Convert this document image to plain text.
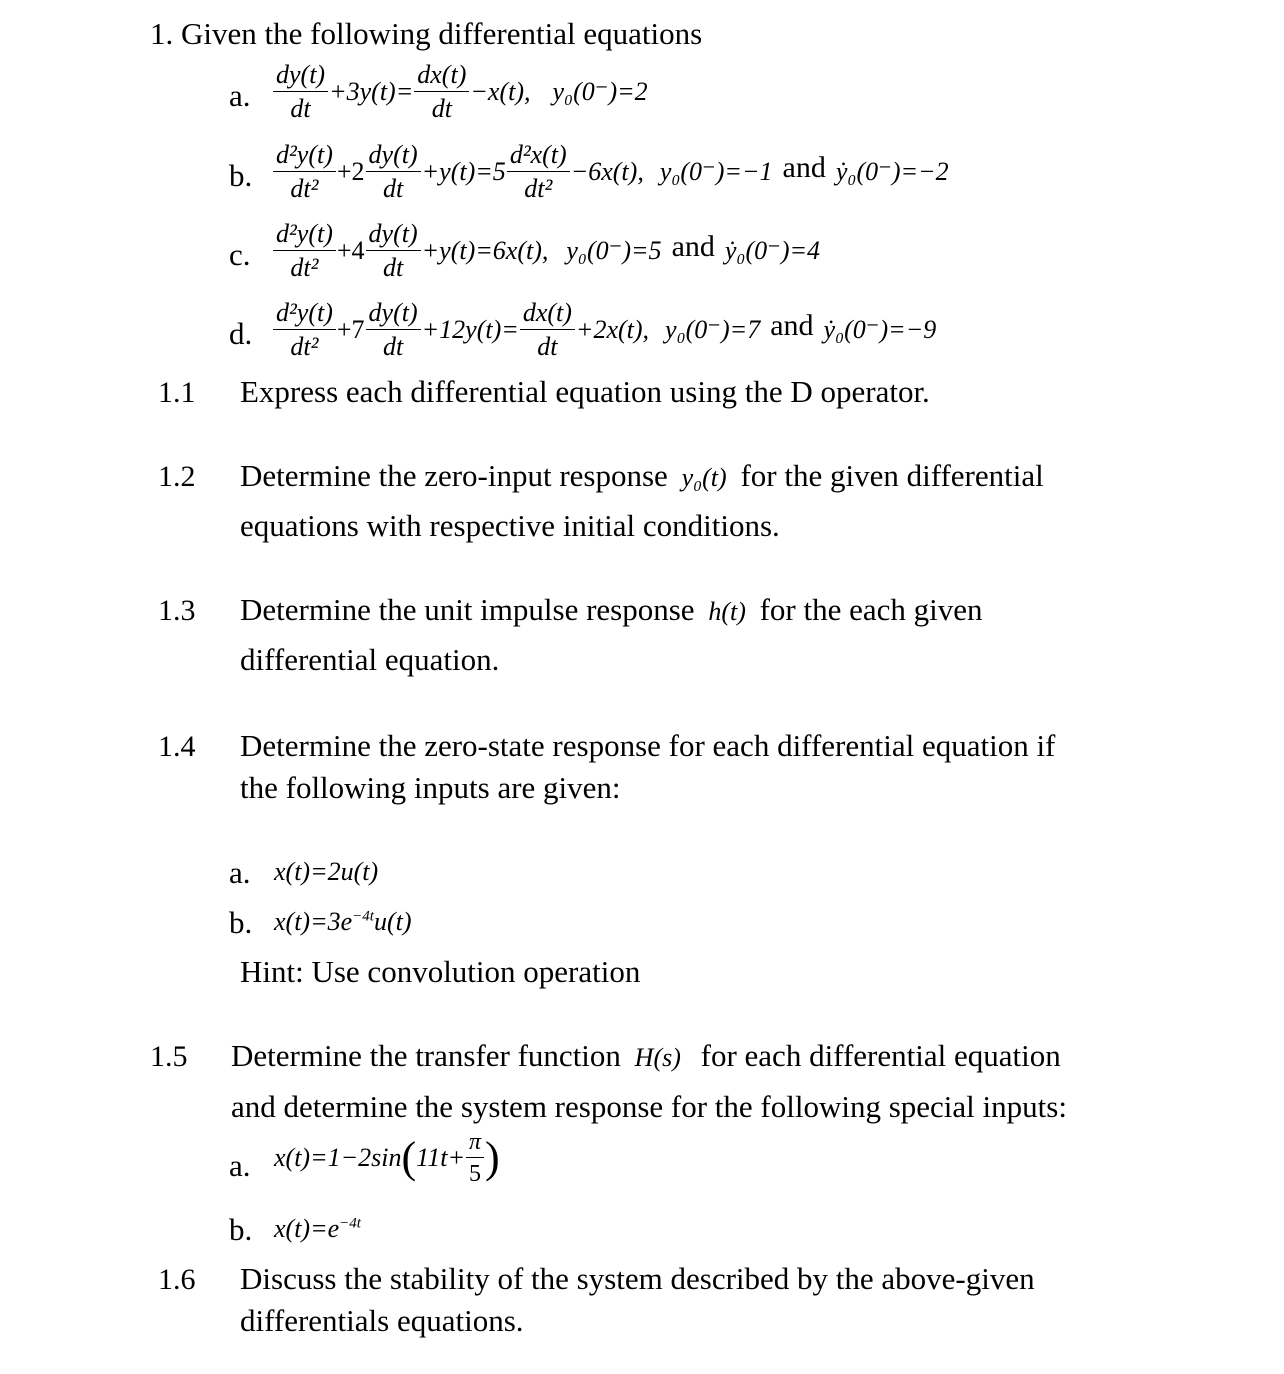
1. Given the following differential equations
a. $\frac{dy(t)}{dt} +3y(t)= \frac{dx(t)}{dt} -x(t)$, y₀(0⁻)=2
b. $\frac{\text{d²y(t)}}{\text{dt²}} +2 \frac{dy(t)}{dt} +y(t)=5 \frac{\text{d²x(t)}}{\text{dt²}} -6x(t)$, y₀(0⁻)=−1 and ẏ₀(0⁻)=−2
c. $\frac{\text{d²y(t)}}{\text{dt²}} +4 \frac{dy(t)}{dt} +y(t)=6x(t)$, y₀(0⁻)=5 and ẏ₀(0⁻)=4
d. $\frac{\text{d²y(t)}}{\text{dt²}} +7 \frac{dy(t)}{dt} +12y(t)= \frac{dx(t)}{dt} +2x(t)$, y₀(0⁻)=7 and ẏ₀(0⁻)=−9
1.1 Express each differential equation using the D operator.
1.2 Determine the zero-input response y₀(t) for the given differential
equations with respective initial conditions.
1.3 Determine the unit impulse response h(t) for the each given
differential equation.
1.4 Determine the zero-state response for each differential equation if
the following inputs are given:
a. x(t)=2u(t)
b. $x(t)=3e^{-4t}u(t)$
Hint: Use convolution operation
1.5 Determine the transfer function H(s) for each differential equation
and determine the system response for the following special inputs:
a. x(t)=1−2sin ( $11t+ \frac{\pi}{5}$ )
b. $x(t)=e^{-4t}$
1.6 Discuss the stability of the system described by the above-given
differentials equations.
